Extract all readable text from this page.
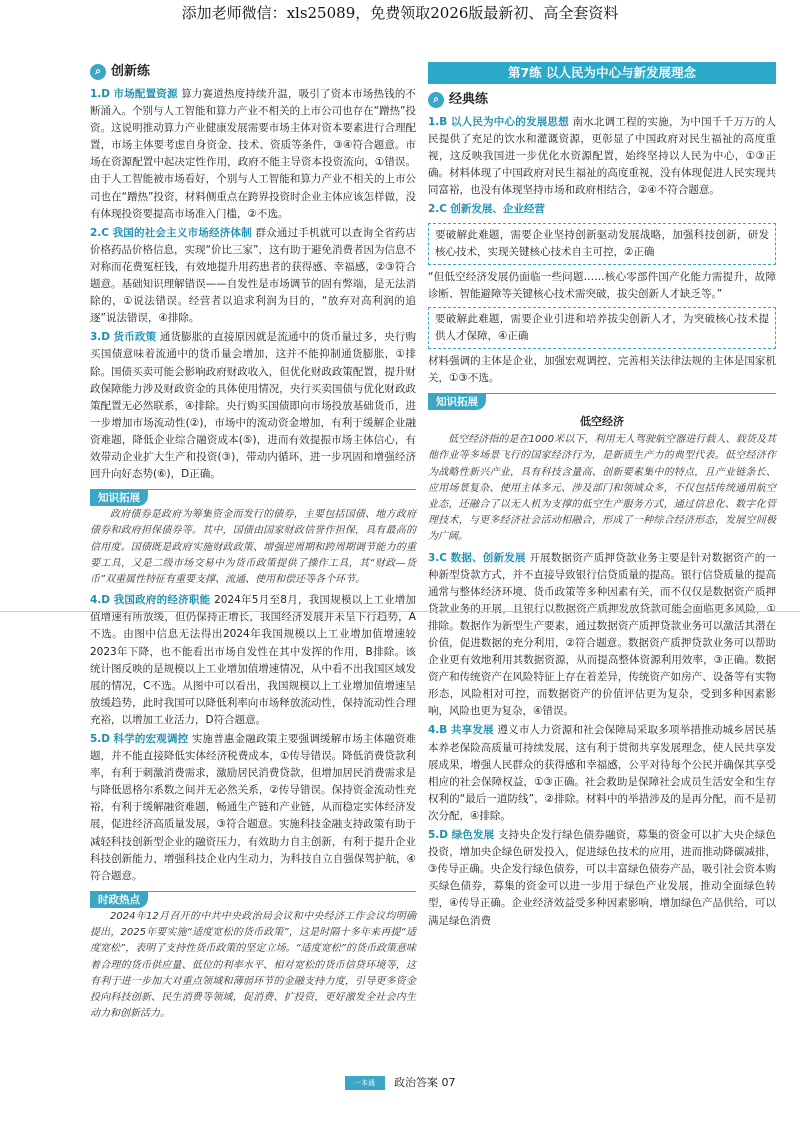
添加老师微信：xls25089，免费领取2026版最新初、高全套资料
⌕ 创新练
1.D 市场配置资源 算力赛道热度持续升温，吸引了资本市场热钱的不断涌入。个别与人工智能和算力产业不相关的上市公司也存在“蹭热”投资。这说明推动算力产业健康发展需要市场主体对资本要素进行合理配置，市场主体要考虑自身资金、技术、资质等条件，③④符合题意。市场在资源配置中起决定性作用，政府不能主导资本投资流向，①错误。由于人工智能被市场看好，个别与人工智能和算力产业不相关的上市公司也在“蹭热”投资，材料侧重点在跨界投资时企业主体应该怎样做，没有体现投资要提高市场准入门槛，②不选。
2.C 我国的社会主义市场经济体制 群众通过手机就可以查询全省药店价格药品价格信息，实现“价比三家”，这有助于避免消费者因为信息不对称而花费冤枉钱，有效地提升用药患者的获得感、幸福感，②③符合题意。基础知识理解错误——自发性是市场调节的固有弊端，是无法消除的，①说法错误。经营者以追求利润为目的，“放弃对高利润的追逐”说法错误，④排除。
3.D 货币政策 通货膨胀的直接原因就是流通中的货币量过多，央行购买国债意味着流通中的货币量会增加，这并不能抑制通货膨胀，①排除。国债买卖可能会影响政府财政收入，但优化财政政策配置，提升财政保障能力涉及财政资金的具体使用情况，央行买卖国债与优化财政政策配置无必然联系，④排除。央行购买国债即向市场投放基础货币，进一步增加市场流动性(②)，市场中的流动资金增加，有利于缓解企业融资难题，降低企业综合融资成本(⑤)，进而有效提振市场主体信心，有效带动企业扩大生产和投资(③)，带动内循环，进一步巩固和增强经济回升向好态势(⑥)，D正确。
知识拓展
政府债券是政府为筹集资金而发行的债券，主要包括国债、地方政府债券和政府担保债券等。其中，国债由国家财政信誉作担保，具有最高的信用度。国债既是政府实施财政政策、增强逆周期和跨周期调节能力的重要工具，又是二级市场交易中为货币政策提供了操作工具，其“财政—货币”双重属性特征有重要支撑、流通、使用和偿还等各个环节。
4.D 我国政府的经济职能 2024年5月至8月，我国规模以上工业增加值增速有所放缓，但仍保持正增长，我国经济发展并未呈下行趋势，A不选。由图中信息无法得出2024年我国规模以上工业增加值增速较2023年下降，也不能看出市场自发性在其中发挥的作用，B排除。该统计图反映的是规模以上工业增加值增速情况，从中看不出我国区域发展的情况，C不选。从图中可以看出，我国规模以上工业增加值增速呈放缓趋势，此时我国可以降低利率向市场释放流动性，保持流动性合理充裕，以增加工业活力，D符合题意。
5.D 科学的宏观调控 实施普惠金融政策主要强调缓解市场主体融资难题，并不能直接降低实体经济税费成本，①传导错误。降低消费贷款利率，有利于刺激消费需求，激励居民消费贷款，但增加居民消费需求是与降低恩格尔系数之间并无必然关系，②传导错误。保持资金流动性充裕，有利于缓解融资难题，畅通生产链和产业链，从而稳定实体经济发展，促进经济高质量发展，③符合题意。实施科技金融支持政策有助于减轻科技创新型企业的融资压力，有效助力自主创新，有利于提升企业科技创新能力，增强科技企业内生动力，为科技自立自强保驾护航，④符合题意。
时政热点
2024年12月召开的中共中央政治局会议和中央经济工作会议均明确提出，2025年要实施“适度宽松的货币政策”，这是时隔十多年来再提“适度宽松”，表明了支持性货币政策的坚定立场。“适度宽松”的货币政策意味着合理的货币供应量、低位的利率水平、相对宽松的货币信贷环境等，这有利于进一步加大对重点领域和薄弱环节的金融支持力度，引导更多资金投向科技创新、民生消费等领域，促消费、扩投资，更好激发全社会内生动力和创新活力。
第7练 以人民为中心与新发展理念
⌕ 经典练
1.B 以人民为中心的发展思想 南水北调工程的实施，为中国千千万万的人民提供了充足的饮水和灌溉资源，更彰显了中国政府对民生福祉的高度重视，这反映我国进一步优化水资源配置，始终坚持以人民为中心，①③正确。材料体现了中国政府对民生福祉的高度重视，没有体现促进人民实现共同富裕，也没有体现坚持市场和政府相结合，②④不符合题意。
2.C 创新发展、企业经营
要破解此难题，需要企业坚持创新驱动发展战略，加强科技创新，研发核心技术，实现关键核心技术自主可控，②正确
“但低空经济发展仍面临一些问题……核心零部件国产化能力需提升，故障诊断、智能避障等关键核心技术需突破，拔尖创新人才缺乏等。”
要破解此难题，需要企业引进和培养拔尖创新人才，为突破核心技术提供人才保障，④正确
材料强调的主体是企业，加强宏观调控、完善相关法律法规的主体是国家机关，①③不选。
知识拓展
低空经济
低空经济指的是在1000米以下，利用无人驾驶航空器进行载人、载货及其他作业等多场景飞行的国家经济行为，是新质生产力的典型代表。低空经济作为战略性新兴产业，具有科技含量高、创新要素集中的特点，且产业链条长、应用场景复杂、使用主体多元、涉及部门和领域众多，不仅包括传统通用航空业态，还融合了以无人机为支撑的低空生产服务方式，通过信息化、数字化管理技术，与更多经济社会活动相融合，形成了一种综合经济形态，发展空间极为广阔。
3.C 数据、创新发展 开展数据资产质押贷款业务主要是针对数据资产的一种新型贷款方式，并不直接导致银行信贷质量的提高。银行信贷质量的提高通常与整体经济环境、货币政策等多种因素有关，而不仅仅是数据资产质押贷款业务的开展，且银行以数据资产质押发放贷款可能会面临更多风险，①排除。数据作为新型生产要素，通过数据资产质押贷款业务可以激活其潜在价值，促进数据的充分利用，②符合题意。数据资产质押贷款业务可以帮助企业更有效地利用其数据资源，从而提高整体资源利用效率，③正确。数据资产和传统资产在风险特征上存在着差异，传统资产如房产、设备等有实物形态，风险相对可控，而数据资产的价值评估更为复杂，受到多种因素影响，风险也更为复杂，④错误。
4.B 共享发展 遵义市人力资源和社会保障局采取多项举措推动城乡居民基本养老保险高质量可持续发展，这有利于贯彻共享发展理念，使人民共享发展成果，增强人民群众的获得感和幸福感，公平对待每个公民并确保其享受相应的社会保障权益，①③正确。社会救助是保障社会成员生活安全和生存权利的“最后一道防线”，②排除。材料中的举措涉及的是再分配，而不是初次分配，④排除。
5.D 绿色发展 支持央企发行绿色债券融资，募集的资金可以扩大央企绿色投资，增加央企绿色研发投入，促进绿色技术的应用，进而推动降碳减排，③传导正确。央企发行绿色债券，可以丰富绿色债券产品，吸引社会资本购买绿色债券，募集的资金可以进一步用于绿色产业发展，推动全面绿色转型，④传导正确。企业经济效益受多种因素影响，增加绿色产品供给，可以满足绿色消费
一本通 政治答案 07
